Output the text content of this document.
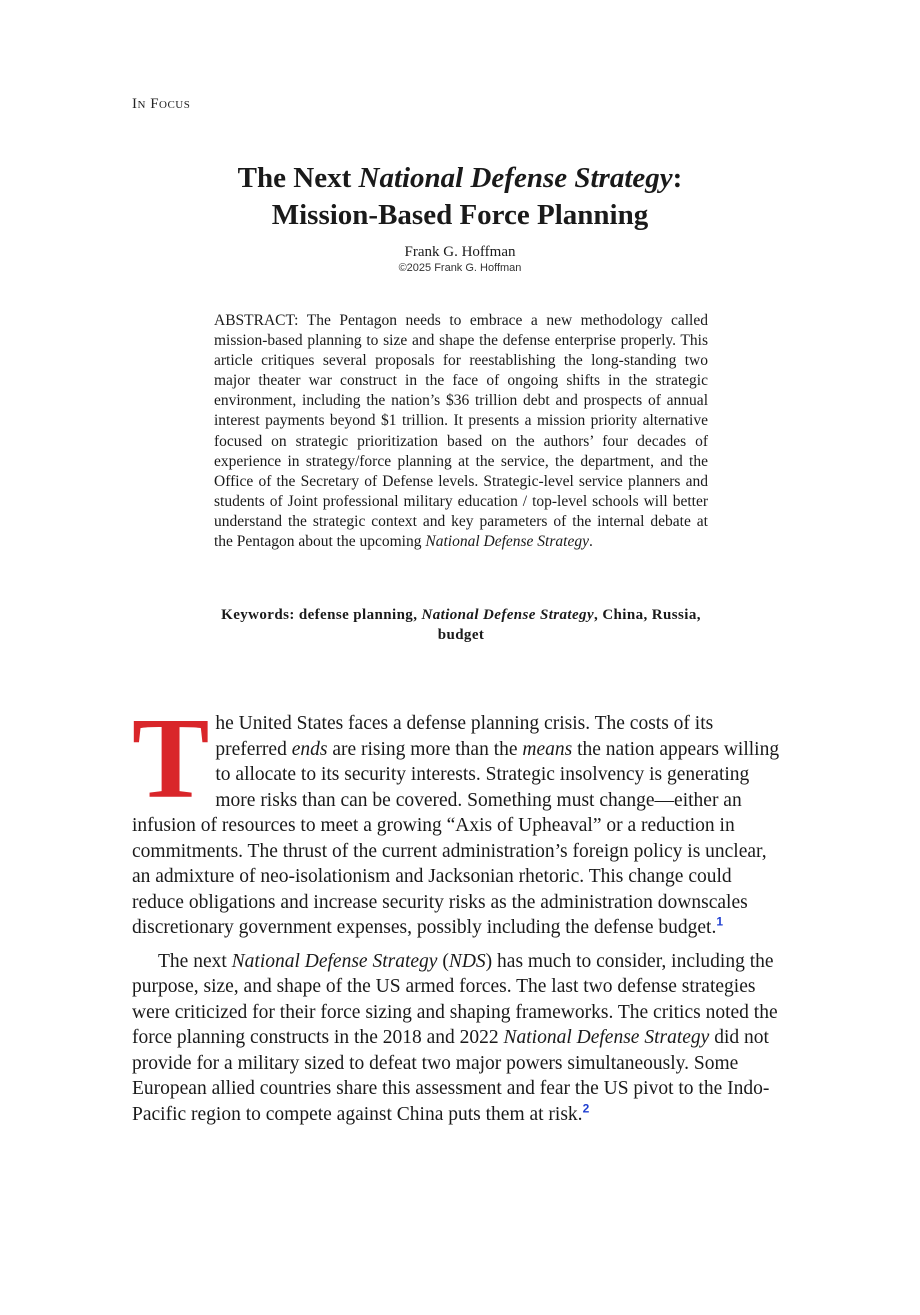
In Focus
The Next National Defense Strategy:
Mission-Based Force Planning
Frank G. Hoffman
©2025 Frank G. Hoffman
ABSTRACT: The Pentagon needs to embrace a new methodology called mission-based planning to size and shape the defense enterprise properly. This article critiques several proposals for reestablishing the long-standing two major theater war construct in the face of ongoing shifts in the strategic environment, including the nation’s $36 trillion debt and prospects of annual interest payments beyond $1 trillion. It presents a mission priority alternative focused on strategic prioritization based on the authors’ four decades of experience in strategy/force planning at the service, the department, and the Office of the Secretary of Defense levels. Strategic-level service planners and students of Joint professional military education / top-level schools will better understand the strategic context and key parameters of the internal debate at the Pentagon about the upcoming National Defense Strategy.
Keywords: defense planning, National Defense Strategy, China, Russia, budget

The United States faces a defense planning crisis. The costs of its preferred ends are rising more than the means the nation appears willing to allocate to its security interests. Strategic insolvency is generating more risks than can be covered. Something must change—either an infusion of resources to meet a growing “Axis of Upheaval” or a reduction in commitments. The thrust of the current administration’s foreign policy is unclear, an admixture of neo-isolationism and Jacksonian rhetoric. This change could reduce obligations and increase security risks as the administration downscales discretionary government expenses, possibly including the defense budget.$^1$

The next National Defense Strategy (NDS) has much to consider, including the purpose, size, and shape of the US armed forces. The last two defense strategies were criticized for their force sizing and shaping frameworks. The critics noted the force planning constructs in the 2018 and 2022 National Defense Strategy did not provide for a military sized to defeat two major powers simultaneously. Some European allied countries share this assessment and fear the US pivot to the Indo-Pacific region to compete against China puts them at risk.$^2$
